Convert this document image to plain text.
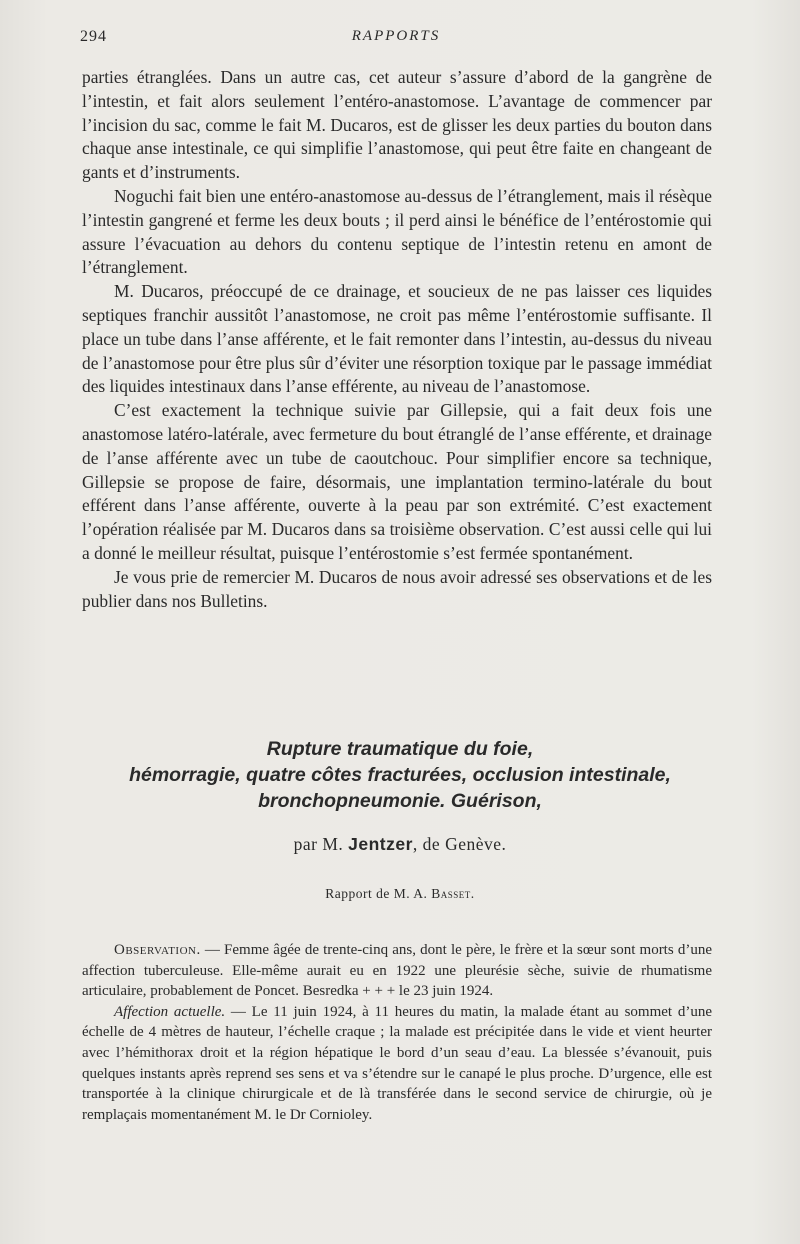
294	RAPPORTS

parties étranglées. Dans un autre cas, cet auteur s’assure d’abord de la gangrène de l’intestin, et fait alors seulement l’entéro-anastomose. L’avantage de commencer par l’incision du sac, comme le fait M. Ducaros, est de glisser les deux parties du bouton dans chaque anse intestinale, ce qui simplifie l’anastomose, qui peut être faite en changeant de gants et d’instruments.

Noguchi fait bien une entéro-anastomose au-dessus de l’étranglement, mais il résèque l’intestin gangrené et ferme les deux bouts ; il perd ainsi le bénéfice de l’entérostomie qui assure l’évacuation au dehors du contenu septique de l’intestin retenu en amont de l’étranglement.

M. Ducaros, préoccupé de ce drainage, et soucieux de ne pas laisser ces liquides septiques franchir aussitôt l’anastomose, ne croit pas même l’entérostomie suffisante. Il place un tube dans l’anse afférente, et le fait remonter dans l’intestin, au-dessus du niveau de l’anastomose pour être plus sûr d’éviter une résorption toxique par le passage immédiat des liquides intestinaux dans l’anse efférente, au niveau de l’anastomose.

C’est exactement la technique suivie par Gillepsie, qui a fait deux fois une anastomose latéro-latérale, avec fermeture du bout étranglé de l’anse efférente, et drainage de l’anse afférente avec un tube de caoutchouc. Pour simplifier encore sa technique, Gillepsie se propose de faire, désormais, une implantation termino-latérale du bout efférent dans l’anse afférente, ouverte à la peau par son extrémité. C’est exactement l’opération réalisée par M. Ducaros dans sa troisième observation. C’est aussi celle qui lui a donné le meilleur résultat, puisque l’entérostomie s’est fermée spontanément.

Je vous prie de remercier M. Ducaros de nous avoir adressé ses observations et de les publier dans nos Bulletins.

Rupture traumatique du foie,
hémorragie, quatre côtes fracturées, occlusion intestinale,
bronchopneumonie. Guérison,
par M. Jentzer, de Genève.
Rapport de M. A. Basset.

Observation. — Femme âgée de trente-cinq ans, dont le père, le frère et la sœur sont morts d’une affection tuberculeuse. Elle-même aurait eu en 1922 une pleurésie sèche, suivie de rhumatisme articulaire, probablement de Poncet. Besredka + + + le 23 juin 1924.

Affection actuelle. — Le 11 juin 1924, à 11 heures du matin, la malade étant au sommet d’une échelle de 4 mètres de hauteur, l’échelle craque ; la malade est précipitée dans le vide et vient heurter avec l’hémithorax droit et la région hépatique le bord d’un seau d’eau. La blessée s’évanouit, puis quelques instants après reprend ses sens et va s’étendre sur le canapé le plus proche. D’urgence, elle est transportée à la clinique chirurgicale et de là transférée dans le second service de chirurgie, où je remplaçais momentanément M. le Dr Cornioley.
